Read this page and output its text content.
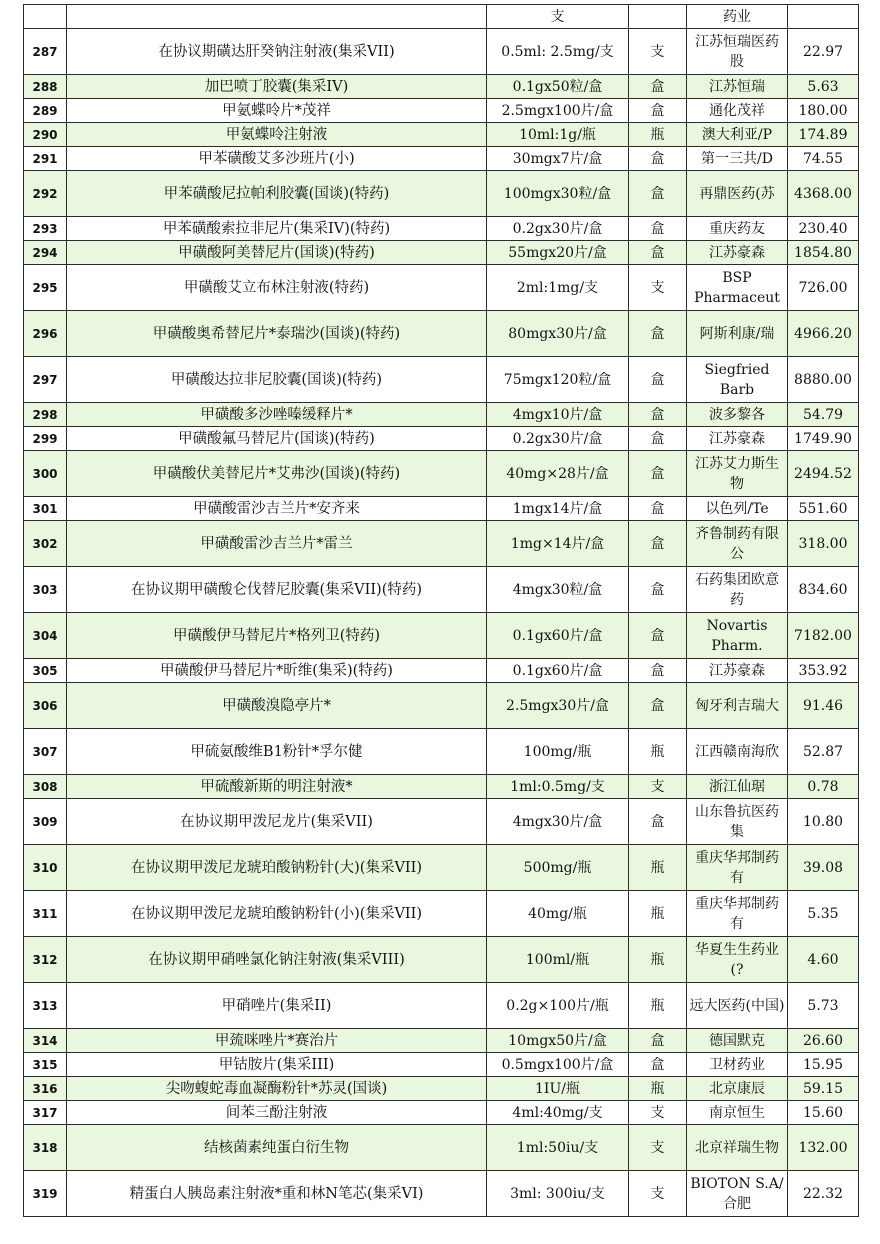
		支		药业	
287	在协议期磺达肝癸钠注射液(集采VII)	0.5ml: 2.5mg/支	支	江苏恒瑞医药股	22.97
288	加巴喷丁胶囊(集采IV)	0.1gx50粒/盒	盒	江苏恒瑞	5.63
289	甲氨蝶呤片*茂祥	2.5mgx100片/盒	盒	通化茂祥	180.00
290	甲氨蝶呤注射液	10ml:1g/瓶	瓶	澳大利亚/P	174.89
291	甲苯磺酸艾多沙班片(小)	30mgx7片/盒	盒	第一三共/D	74.55
292	甲苯磺酸尼拉帕利胶囊(国谈)(特药)	100mgx30粒/盒	盒	再鼎医药(苏	4368.00
293	甲苯磺酸索拉非尼片(集采IV)(特药)	0.2gx30片/盒	盒	重庆药友	230.40
294	甲磺酸阿美替尼片(国谈)(特药)	55mgx20片/盒	盒	江苏豪森	1854.80
295	甲磺酸艾立布林注射液(特药)	2ml:1mg/支	支	BSP Pharmaceut	726.00
296	甲磺酸奥希替尼片*泰瑞沙(国谈)(特药)	80mgx30片/盒	盒	阿斯利康/瑞	4966.20
297	甲磺酸达拉非尼胶囊(国谈)(特药)	75mgx120粒/盒	盒	Siegfried Barb	8880.00
298	甲磺酸多沙唑嗪缓释片*	4mgx10片/盒	盒	波多黎各	54.79
299	甲磺酸氟马替尼片(国谈)(特药)	0.2gx30片/盒	盒	江苏豪森	1749.90
300	甲磺酸伏美替尼片*艾弗沙(国谈)(特药)	40mg×28片/盒	盒	江苏艾力斯生物	2494.52
301	甲磺酸雷沙吉兰片*安齐来	1mgx14片/盒	盒	以色列/Te	551.60
302	甲磺酸雷沙吉兰片*雷兰	1mg×14片/盒	盒	齐鲁制药有限公	318.00
303	在协议期甲磺酸仑伐替尼胶囊(集采VII)(特药)	4mgx30粒/盒	盒	石药集团欧意药	834.60
304	甲磺酸伊马替尼片*格列卫(特药)	0.1gx60片/盒	盒	Novartis Pharm.	7182.00
305	甲磺酸伊马替尼片*昕维(集采)(特药)	0.1gx60片/盒	盒	江苏豪森	353.92
306	甲磺酸溴隐亭片*	2.5mgx30片/盒	盒	匈牙利吉瑞大	91.46
307	甲硫氨酸维B1粉针*孚尔健	100mg/瓶	瓶	江西赣南海欣	52.87
308	甲硫酸新斯的明注射液*	1ml:0.5mg/支	支	浙江仙琚	0.78
309	在协议期甲泼尼龙片(集采VII)	4mgx30片/盒	盒	山东鲁抗医药集	10.80
310	在协议期甲泼尼龙琥珀酸钠粉针(大)(集采VII)	500mg/瓶	瓶	重庆华邦制药有	39.08
311	在协议期甲泼尼龙琥珀酸钠粉针(小)(集采VII)	40mg/瓶	瓶	重庆华邦制药有	5.35
312	在协议期甲硝唑氯化钠注射液(集采VIII)	100ml/瓶	瓶	华夏生生药业(?	4.60
313	甲硝唑片(集采II)	0.2g×100片/瓶	瓶	远大医药(中国)	5.73
314	甲巯咪唑片*赛治片	10mgx50片/盒	盒	德国默克	26.60
315	甲钴胺片(集采III)	0.5mgx100片/盒	盒	卫材药业	15.95
316	尖吻蝮蛇毒血凝酶粉针*苏灵(国谈)	1IU/瓶	瓶	北京康辰	59.15
317	间苯三酚注射液	4ml:40mg/支	支	南京恒生	15.60
318	结核菌素纯蛋白衍生物	1ml:50iu/支	支	北京祥瑞生物	132.00
319	精蛋白人胰岛素注射液*重和林N笔芯(集采VI)	3ml: 300iu/支	支	BIOTON S.A/合肥	22.32
